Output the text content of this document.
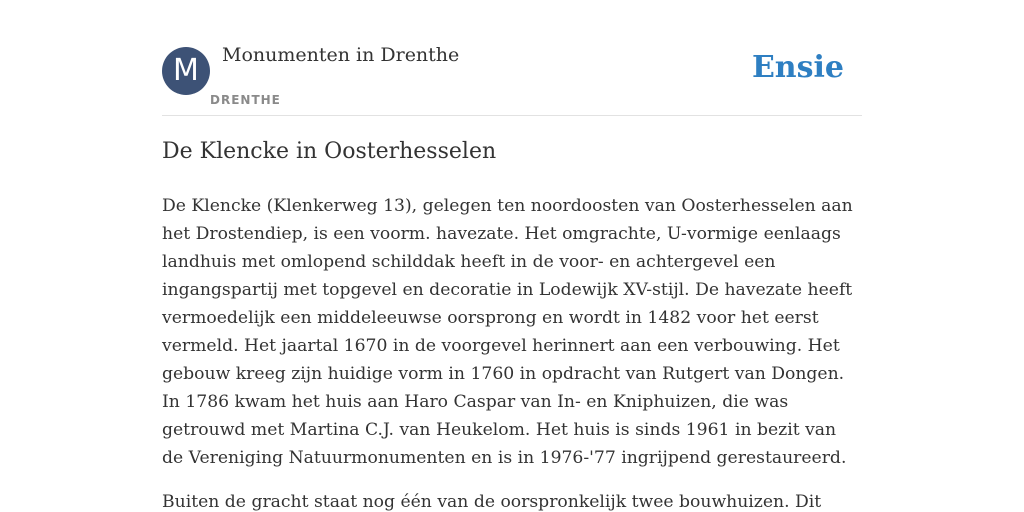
M	Monumenten in Drenthe
DRENTHE
Ensie
De Klencke in Oosterhesselen

De Klencke (Klenkerweg 13), gelegen ten noordoosten van Oosterhesselen aan het Drostendiep, is een voorm. havezate. Het omgrachte, U-vormige eenlaags landhuis met omlopend schilddak heeft in de voor- en achtergevel een ingangspartij met topgevel en decoratie in Lodewijk XV-stijl. De havezate heeft vermoedelijk een middeleeuwse oorsprong en wordt in 1482 voor het eerst vermeld. Het jaartal 1670 in de voorgevel herinnert aan een verbouwing. Het gebouw kreeg zijn huidige vorm in 1760 in opdracht van Rutgert van Dongen. In 1786 kwam het huis aan Haro Caspar van In- en Kniphuizen, die was getrouwd met Martina C.J. van Heukelom. Het huis is sinds 1961 in bezit van de Vereniging Natuurmonumenten en is in 1976-'77 ingrijpend gerestaureerd.

Buiten de gracht staat nog één van de oorspronkelijk twee bouwhuizen. Dit
